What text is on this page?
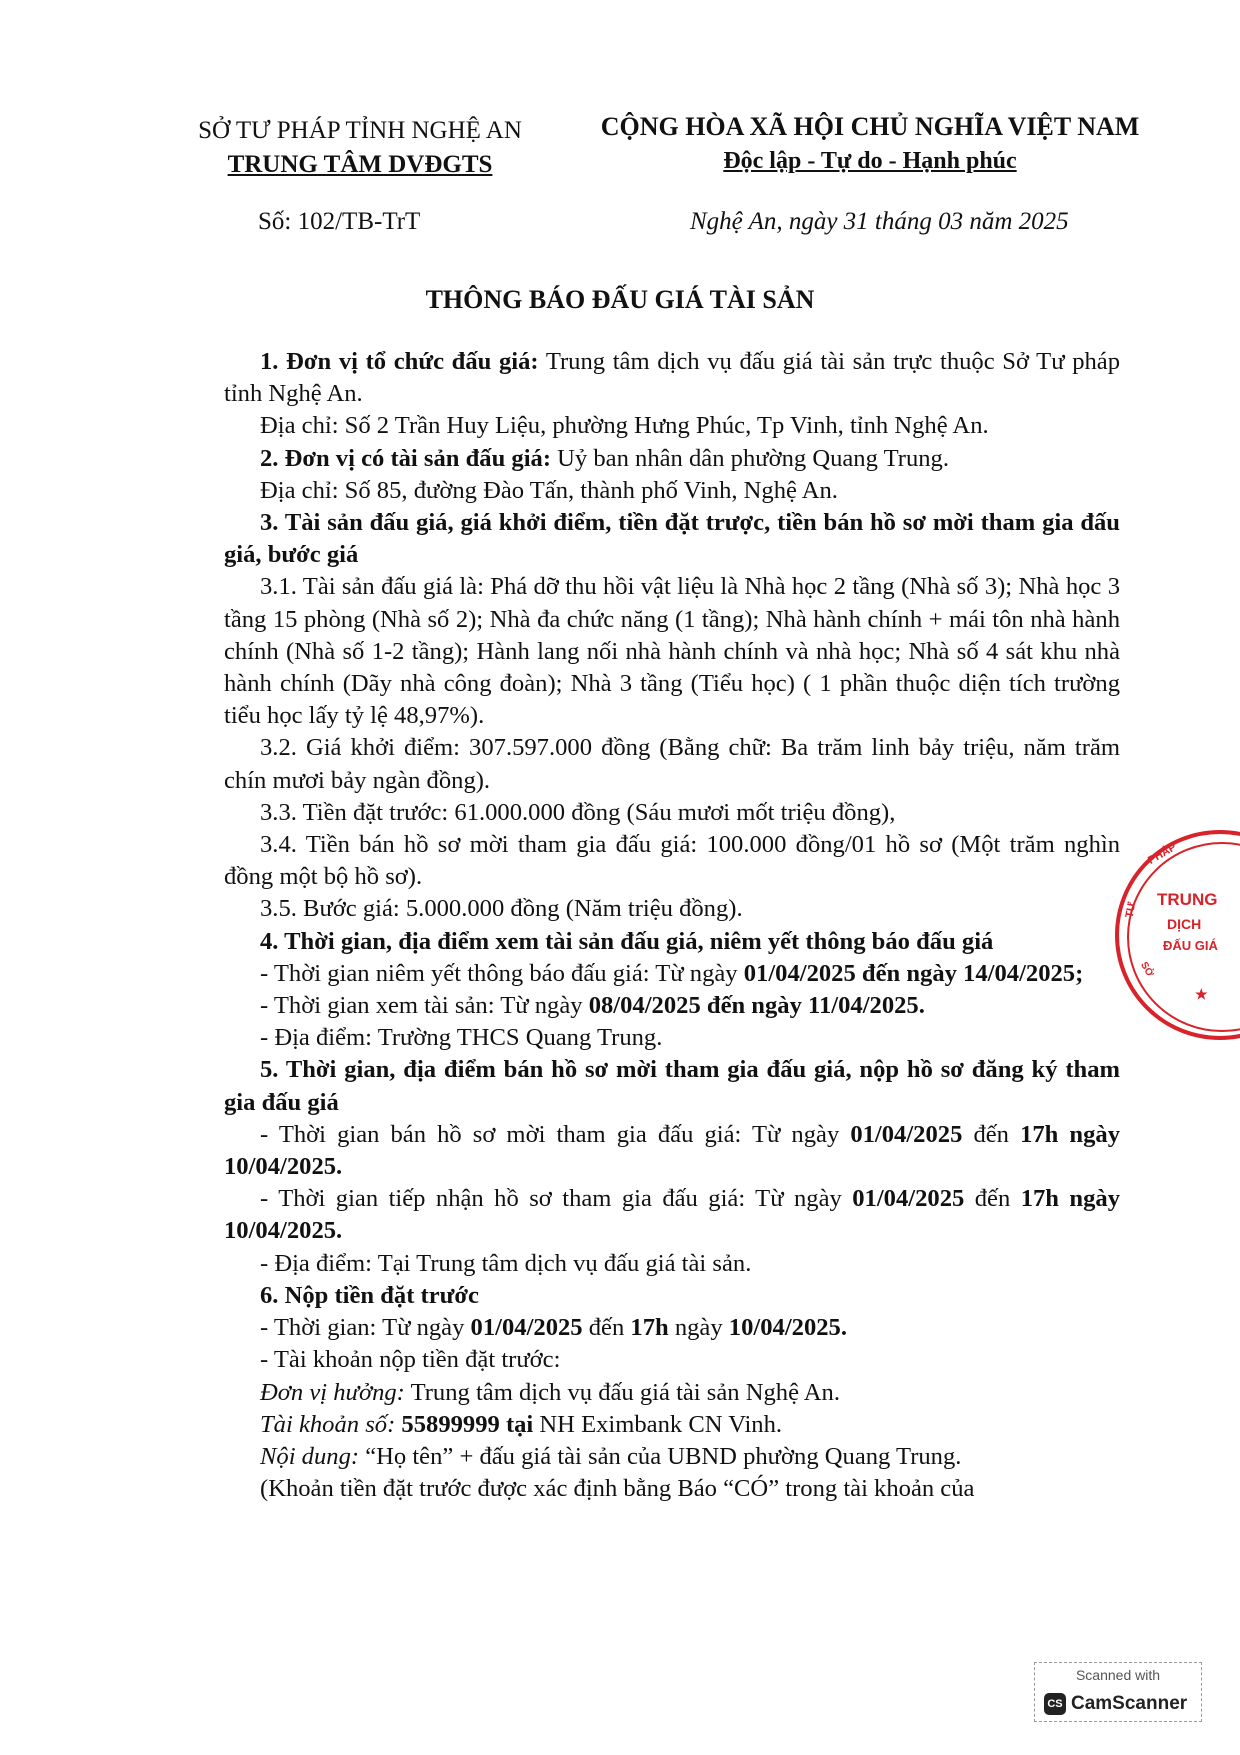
SỞ TƯ PHÁP TỈNH NGHỆ AN
TRUNG TÂM DVĐGTS
CỘNG HÒA XÃ HỘI CHỦ NGHĨA VIỆT NAM
Độc lập - Tự do - Hạnh phúc
Số: 102/TB-TrT	Nghệ An, ngày 31 tháng 03 năm 2025
THÔNG BÁO ĐẤU GIÁ TÀI SẢN

1. Đơn vị tổ chức đấu giá: Trung tâm dịch vụ đấu giá tài sản trực thuộc Sở Tư pháp tỉnh Nghệ An.

Địa chỉ: Số 2 Trần Huy Liệu, phường Hưng Phúc, Tp Vinh, tỉnh Nghệ An.

2. Đơn vị có tài sản đấu giá: Uỷ ban nhân dân phường Quang Trung.

Địa chỉ: Số 85, đường Đào Tấn, thành phố Vinh, Nghệ An.

3. Tài sản đấu giá, giá khởi điểm, tiền đặt trược, tiền bán hồ sơ mời tham gia đấu giá, bước giá

3.1. Tài sản đấu giá là: Phá dỡ thu hồi vật liệu là Nhà học 2 tầng (Nhà số 3); Nhà học 3 tầng 15 phòng (Nhà số 2); Nhà đa chức năng (1 tầng); Nhà hành chính + mái tôn nhà hành chính (Nhà số 1-2 tầng); Hành lang nối nhà hành chính và nhà học; Nhà số 4 sát khu nhà hành chính (Dãy nhà công đoàn); Nhà 3 tầng (Tiểu học) ( 1 phần thuộc diện tích trường tiểu học lấy tỷ lệ 48,97%).

3.2. Giá khởi điểm: 307.597.000 đồng (Bằng chữ: Ba trăm linh bảy triệu, năm trăm chín mươi bảy ngàn đồng).

3.3. Tiền đặt trước: 61.000.000 đồng (Sáu mươi mốt triệu đồng),

3.4. Tiền bán hồ sơ mời tham gia đấu giá: 100.000 đồng/01 hồ sơ (Một trăm nghìn đồng một bộ hồ sơ).

3.5. Bước giá: 5.000.000 đồng (Năm triệu đồng).

4. Thời gian, địa điểm xem tài sản đấu giá, niêm yết thông báo đấu giá

- Thời gian niêm yết thông báo đấu giá: Từ ngày 01/04/2025 đến ngày 14/04/2025;

- Thời gian xem tài sản: Từ ngày 08/04/2025 đến ngày 11/04/2025.

- Địa điểm: Trường THCS Quang Trung.

5. Thời gian, địa điểm bán hồ sơ mời tham gia đấu giá, nộp hồ sơ đăng ký tham gia đấu giá

- Thời gian bán hồ sơ mời tham gia đấu giá: Từ ngày 01/04/2025 đến 17h ngày 10/04/2025.

- Thời gian tiếp nhận hồ sơ tham gia đấu giá: Từ ngày 01/04/2025 đến 17h ngày 10/04/2025.

- Địa điểm: Tại Trung tâm dịch vụ đấu giá tài sản.

6. Nộp tiền đặt trước

- Thời gian: Từ ngày 01/04/2025 đến 17h ngày 10/04/2025.

- Tài khoản nộp tiền đặt trước:

Đơn vị hưởng: Trung tâm dịch vụ đấu giá tài sản Nghệ An.

Tài khoản số: 55899999 tại NH Eximbank CN Vinh.

Nội dung: “Họ tên” + đấu giá tài sản của UBND phường Quang Trung.

(Khoản tiền đặt trước được xác định bằng Báo “CÓ” trong tài khoản của

PHÁP
TƯ
TRUNG
DỊCH
ĐẤU GIÁ
SỞ
★
Scanned with
CS CamScanner
